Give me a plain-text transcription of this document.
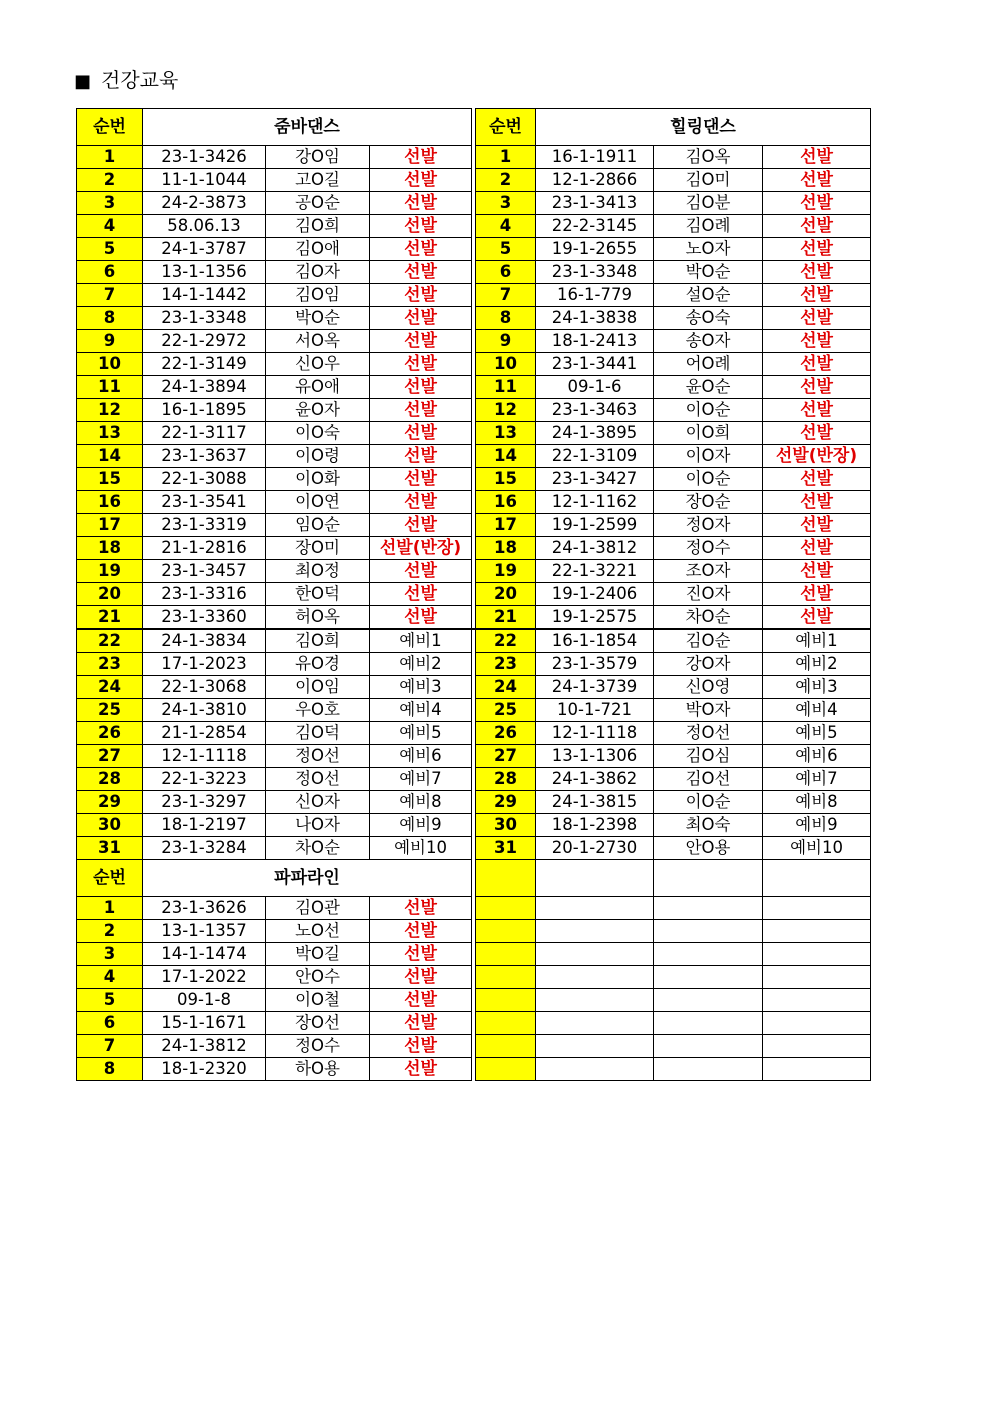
■ 건강교육
순번	줌바댄스				순번	힐링댄스		
1	23-1-3426	강O임	선발		1	16-1-1911	김O옥	선발
2	11-1-1044	고O길	선발		2	12-1-2866	김O미	선발
3	24-2-3873	공O순	선발		3	23-1-3413	김O분	선발
4	58.06.13	김O희	선발		4	22-2-3145	김O례	선발
5	24-1-3787	김O애	선발		5	19-1-2655	노O자	선발
6	13-1-1356	김O자	선발		6	23-1-3348	박O순	선발
7	14-1-1442	김O임	선발		7	16-1-779	설O순	선발
8	23-1-3348	박O순	선발		8	24-1-3838	송O숙	선발
9	22-1-2972	서O옥	선발		9	18-1-2413	송O자	선발
10	22-1-3149	신O우	선발		10	23-1-3441	어O례	선발
11	24-1-3894	유O애	선발		11	09-1-6	윤O순	선발
12	16-1-1895	윤O자	선발		12	23-1-3463	이O순	선발
13	22-1-3117	이O숙	선발		13	24-1-3895	이O희	선발
14	23-1-3637	이O령	선발		14	22-1-3109	이O자	선발(반장)
15	22-1-3088	이O화	선발		15	23-1-3427	이O순	선발
16	23-1-3541	이O연	선발		16	12-1-1162	장O순	선발
17	23-1-3319	임O순	선발		17	19-1-2599	정O자	선발
18	21-1-2816	장O미	선발(반장)		18	24-1-3812	정O수	선발
19	23-1-3457	최O정	선발		19	22-1-3221	조O자	선발
20	23-1-3316	한O덕	선발		20	19-1-2406	진O자	선발
21	23-1-3360	허O옥	선발		21	19-1-2575	차O순	선발
22	24-1-3834	김O희	예비1		22	16-1-1854	김O순	예비1
23	17-1-2023	유O경	예비2		23	23-1-3579	강O자	예비2
24	22-1-3068	이O임	예비3		24	24-1-3739	신O영	예비3
25	24-1-3810	우O호	예비4		25	10-1-721	박O자	예비4
26	21-1-2854	김O덕	예비5		26	12-1-1118	정O선	예비5
27	12-1-1118	정O선	예비6		27	13-1-1306	김O심	예비6
28	22-1-3223	정O선	예비7		28	24-1-3862	김O선	예비7
29	23-1-3297	신O자	예비8		29	24-1-3815	이O순	예비8
30	18-1-2197	나O자	예비9		30	18-1-2398	최O숙	예비9
31	23-1-3284	차O순	예비10		31	20-1-2730	안O용	예비10
순번	파파라인							
1	23-1-3626	김O관	선발					
2	13-1-1357	노O선	선발					
3	14-1-1474	박O길	선발					
4	17-1-2022	안O수	선발					
5	09-1-8	이O철	선발					
6	15-1-1671	장O선	선발					
7	24-1-3812	정O수	선발					
8	18-1-2320	하O용	선발					
